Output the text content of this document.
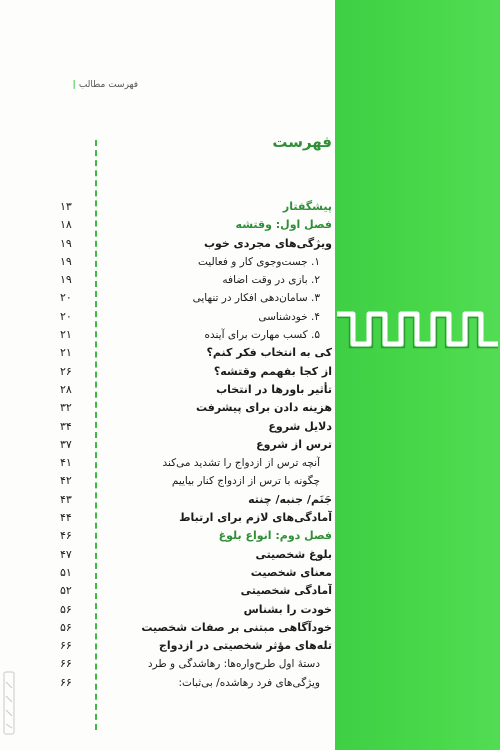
فهرست مطالب|
فهرست
پیشگفتار
۱۳
فصل اول: وقتشه
۱۸
ویژگی‌های مجردی خوب
۱۹
۱. جست‌وجوی کار و فعالیت
۱۹
۲. بازی در وقت اضافه
۱۹
۳. سامان‌دهی افکار در تنهایی
۲۰
۴. خودشناسی
۲۰
۵. کسب مهارت برای آینده
۲۱
کی به انتخاب فکر کنم؟
۲۱
از کجا بفهمم وقتشه؟
۲۶
تأثیر باورها در انتخاب
۲۸
هزینه دادن برای پیشرفت
۳۲
دلایل شروع
۳۴
ترس از شروع
۳۷
آنچه ترس از ازدواج را تشدید می‌کند
۴۱
چگونه با ترس از ازدواج کنار بیاییم
۴۲
جَنَم/ جنبه/ چنته
۴۳
آمادگی‌های لازم برای ارتباط
۴۴
فصل دوم: انواع بلوغ
۴۶
بلوغ شخصیتی
۴۷
معنای شخصیت
۵۱
آمادگی شخصیتی
۵۲
خودت را بشناس
۵۶
خودآگاهی مبتنی بر صفات شخصیت
۵۶
تله‌های مؤثر شخصیتی در ازدواج
۶۶
دستهٔ اول طرح‌واره‌ها: رهاشدگی و طرد
۶۶
ویژگی‌های فرد رهاشده/ بی‌ثبات:
۶۶
